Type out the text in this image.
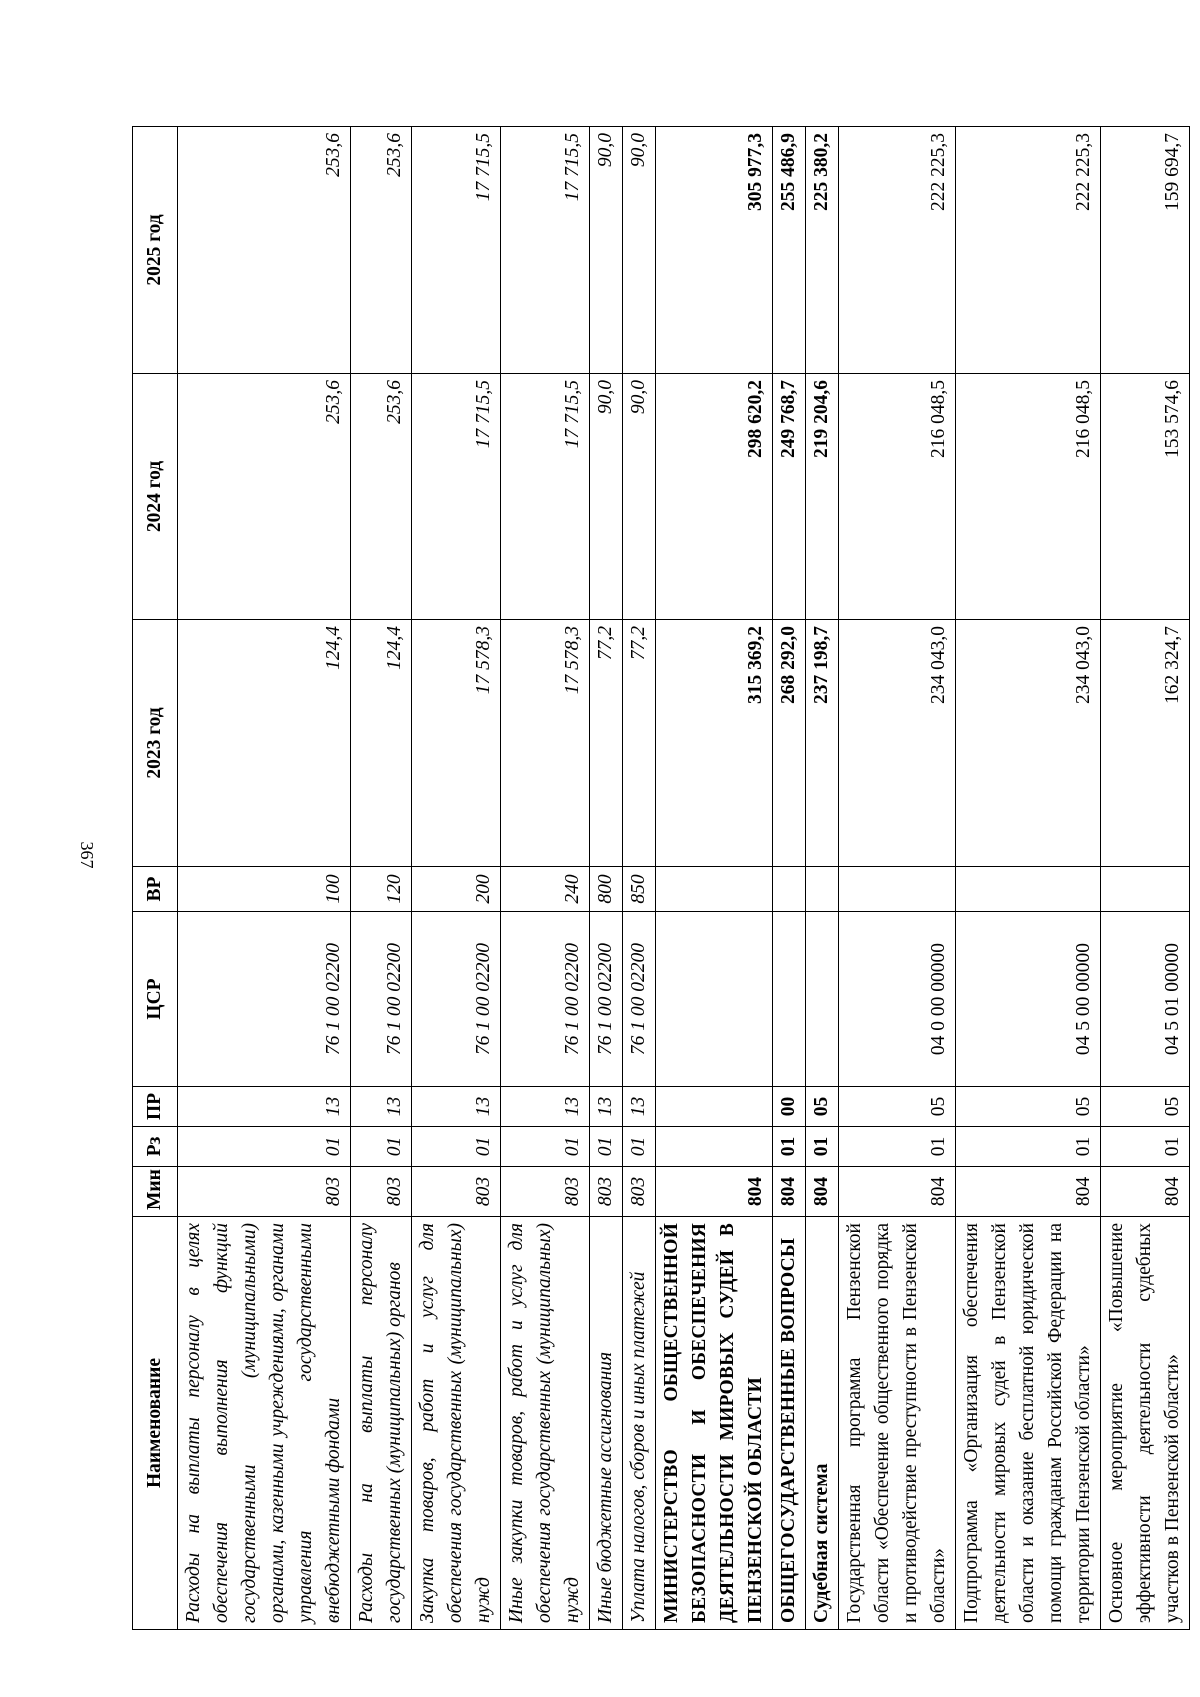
367
Наименование	Мин	Рз	ПР	ЦСР	ВР	2023 год	2024 год	2025 год
Расходы на выплаты персоналу в целях обеспечения выполнения функций государственными (муниципальными) органами, казенными учреждениями, органами управления государственными внебюджетными фондами	803	01	13	76 1 00 02200	100	124,4	253,6	253,6
Расходы на выплаты персоналу государственных (муниципальных) органов	803	01	13	76 1 00 02200	120	124,4	253,6	253,6
Закупка товаров, работ и услуг для обеспечения государственных (муниципальных) нужд	803	01	13	76 1 00 02200	200	17 578,3	17 715,5	17 715,5
Иные закупки товаров, работ и услуг для обеспечения государственных (муниципальных) нужд	803	01	13	76 1 00 02200	240	17 578,3	17 715,5	17 715,5
Иные бюджетные ассигнования	803	01	13	76 1 00 02200	800	77,2	90,0	90,0
Уплата налогов, сборов и иных платежей	803	01	13	76 1 00 02200	850	77,2	90,0	90,0
МИНИСТЕРСТВО ОБЩЕСТВЕННОЙ БЕЗОПАСНОСТИ И ОБЕСПЕЧЕНИЯ ДЕЯТЕЛЬНОСТИ МИРОВЫХ СУДЕЙ В ПЕНЗЕНСКОЙ ОБЛАСТИ	804					315 369,2	298 620,2	305 977,3
ОБЩЕГОСУДАРСТВЕННЫЕ ВОПРОСЫ	804	01	00			268 292,0	249 768,7	255 486,9
Судебная система	804	01	05			237 198,7	219 204,6	225 380,2
Государственная программа Пензенской области «Обеспечение общественного порядка и противодействие преступности в Пензенской области»	804	01	05	04 0 00 00000		234 043,0	216 048,5	222 225,3
Подпрограмма «Организация обеспечения деятельности мировых судей в Пензенской области и оказание бесплатной юридической помощи гражданам Российской Федерации на территории Пензенской области»	804	01	05	04 5 00 00000		234 043,0	216 048,5	222 225,3
Основное мероприятие «Повышение эффективности деятельности судебных участков в Пензенской области»	804	01	05	04 5 01 00000		162 324,7	153 574,6	159 694,7
